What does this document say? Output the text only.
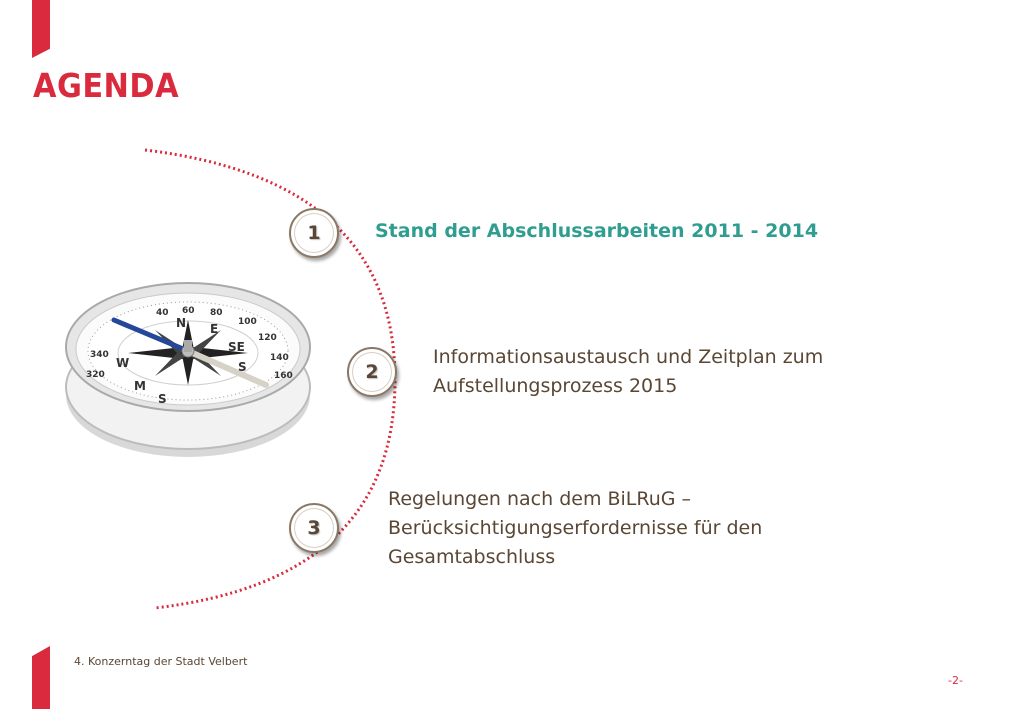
AGENDA
40 60 80
100
120
140
160
320
340
N E
SE
S
W
M
S
1
2
3
Stand der Abschlussarbeiten 2011 - 2014
Informationsaustausch und Zeitplan zum
Aufstellungsprozess 2015
Regelungen nach dem BiLRuG –
Berücksichtigungserfordernisse für den
Gesamtabschluss
4. Konzerntag der Stadt Velbert
-2-
